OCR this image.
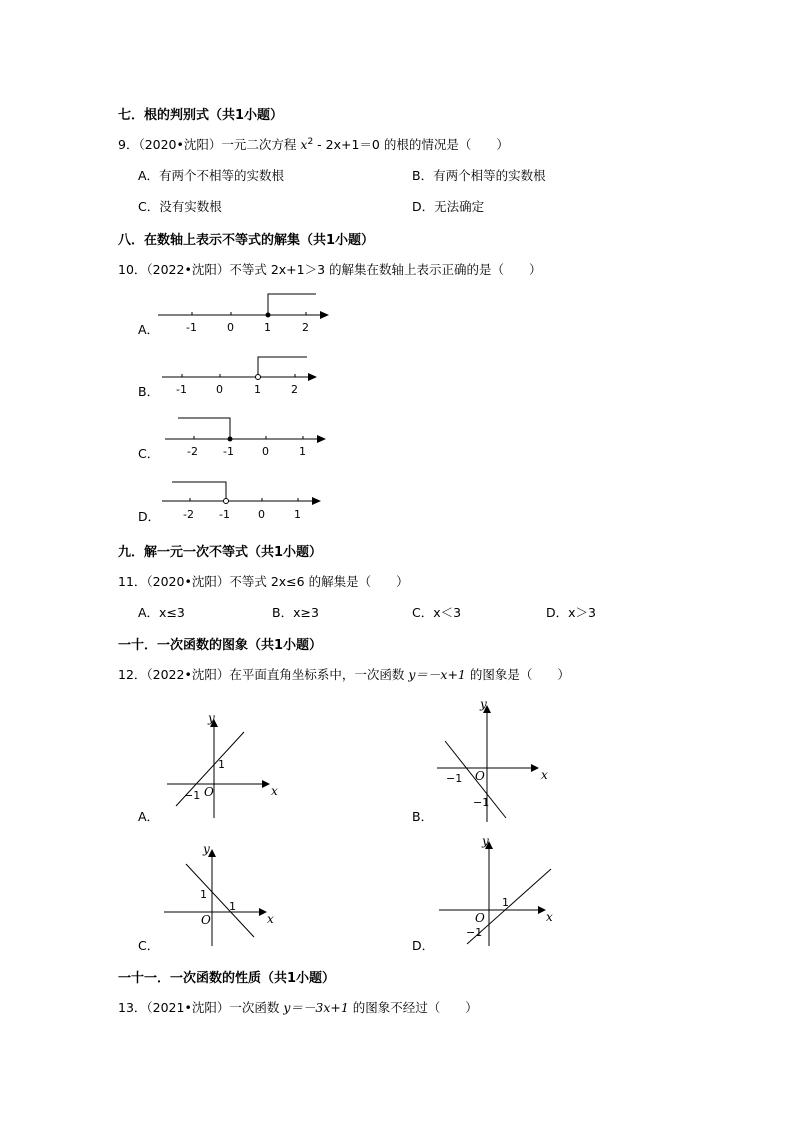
七．根的判别式（共1小题）
9．（2020•沈阳）一元二次方程 $x^2 - 2x+1=0$ 的根的情况是（　　）
A．有两个不相等的实数根	B．有两个相等的实数根
C．没有实数根	D．无法确定
八．在数轴上表示不等式的解集（共1小题）
10．（2022•沈阳）不等式 2x+1＞3 的解集在数轴上表示正确的是（　　）
A． -1	0	1	2
B． -1	0	1	2
C．	-2 -1	0	1
D． -2 -1	0	1
九．解一元一次不等式（共1小题）
11．（2020•沈阳）不等式 2x≤6 的解集是（　　）
A．x≤3	B．x≥3	C．x＜3	D．x＞3
一十．一次函数的图象（共1小题）
12．（2022•沈阳）在平面直角坐标系中，一次函数 y＝－x+1 的图象是（　　）
A．
y
x
O
1
−1
B．
y
x
O
−1
−1
C．
y
x
O
1
1
D．
y
x
O
1
−1
一十一．一次函数的性质（共1小题）
13．（2021•沈阳）一次函数 y＝－3x+1 的图象不经过（　　）
